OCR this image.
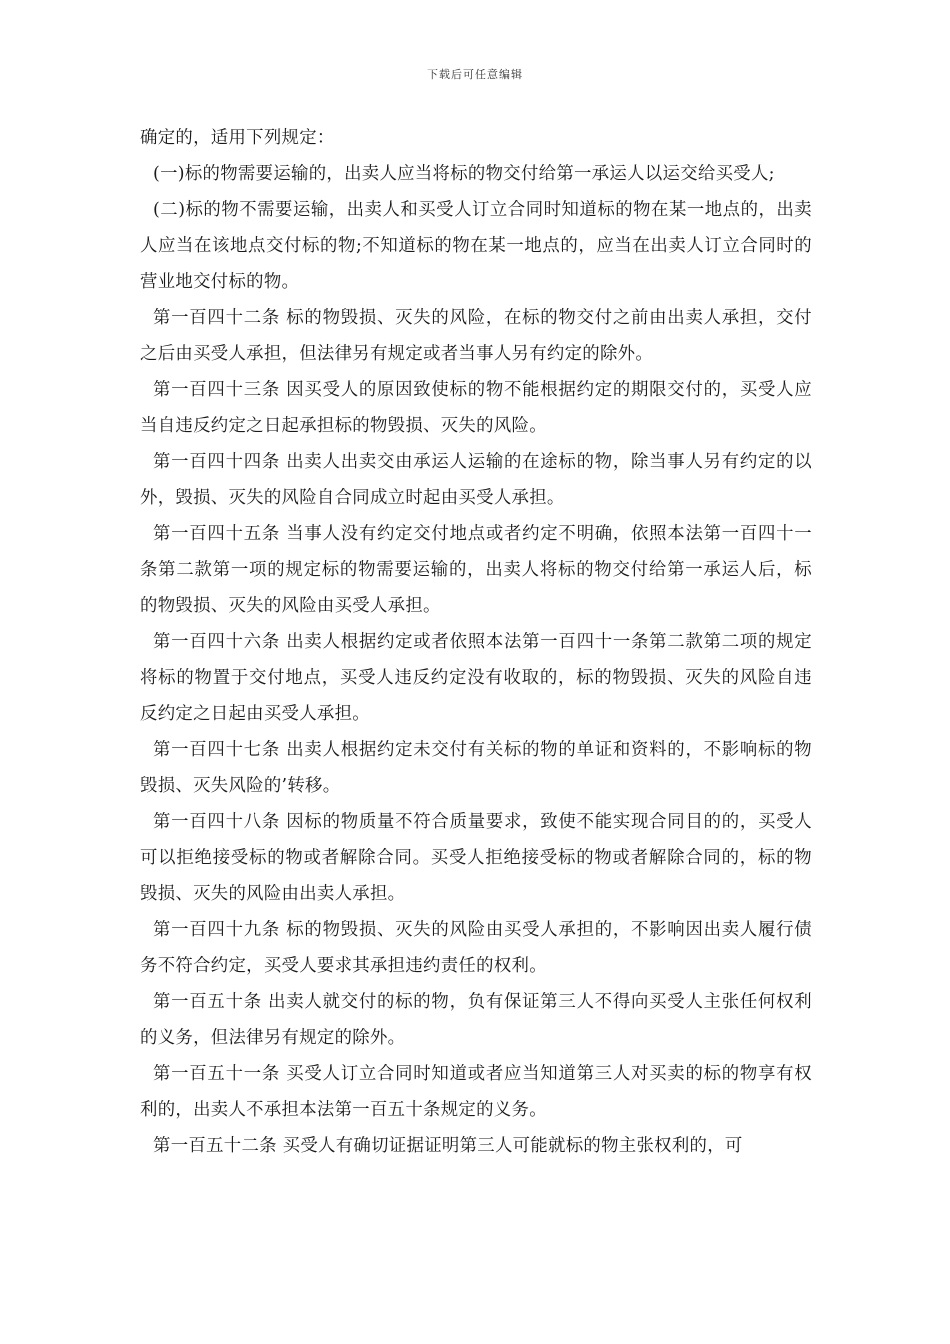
下载后可任意编辑

确定的，适用下列规定：

(一)标的物需要运输的，出卖人应当将标的物交付给第一承运人以运交给买受人;

(二)标的物不需要运输，出卖人和买受人订立合同时知道标的物在某一地点的，出卖人应当在该地点交付标的物;不知道标的物在某一地点的，应当在出卖人订立合同时的营业地交付标的物。

第一百四十二条 标的物毁损、灭失的风险，在标的物交付之前由出卖人承担，交付之后由买受人承担，但法律另有规定或者当事人另有约定的除外。

第一百四十三条 因买受人的原因致使标的物不能根据约定的期限交付的，买受人应当自违反约定之日起承担标的物毁损、灭失的风险。

第一百四十四条 出卖人出卖交由承运人运输的在途标的物，除当事人另有约定的以外，毁损、灭失的风险自合同成立时起由买受人承担。

第一百四十五条 当事人没有约定交付地点或者约定不明确，依照本法第一百四十一条第二款第一项的规定标的物需要运输的，出卖人将标的物交付给第一承运人后，标的物毁损、灭失的风险由买受人承担。

第一百四十六条 出卖人根据约定或者依照本法第一百四十一条第二款第二项的规定将标的物置于交付地点，买受人违反约定没有收取的，标的物毁损、灭失的风险自违反约定之日起由买受人承担。

第一百四十七条 出卖人根据约定未交付有关标的物的单证和资料的，不影响标的物毁损、灭失风险的’转移。

第一百四十八条 因标的物质量不符合质量要求，致使不能实现合同目的的，买受人可以拒绝接受标的物或者解除合同。买受人拒绝接受标的物或者解除合同的，标的物毁损、灭失的风险由出卖人承担。

第一百四十九条 标的物毁损、灭失的风险由买受人承担的，不影响因出卖人履行债务不符合约定，买受人要求其承担违约责任的权利。

第一百五十条 出卖人就交付的标的物，负有保证第三人不得向买受人主张任何权利的义务，但法律另有规定的除外。

第一百五十一条 买受人订立合同时知道或者应当知道第三人对买卖的标的物享有权利的，出卖人不承担本法第一百五十条规定的义务。

第一百五十二条 买受人有确切证据证明第三人可能就标的物主张权利的，可
